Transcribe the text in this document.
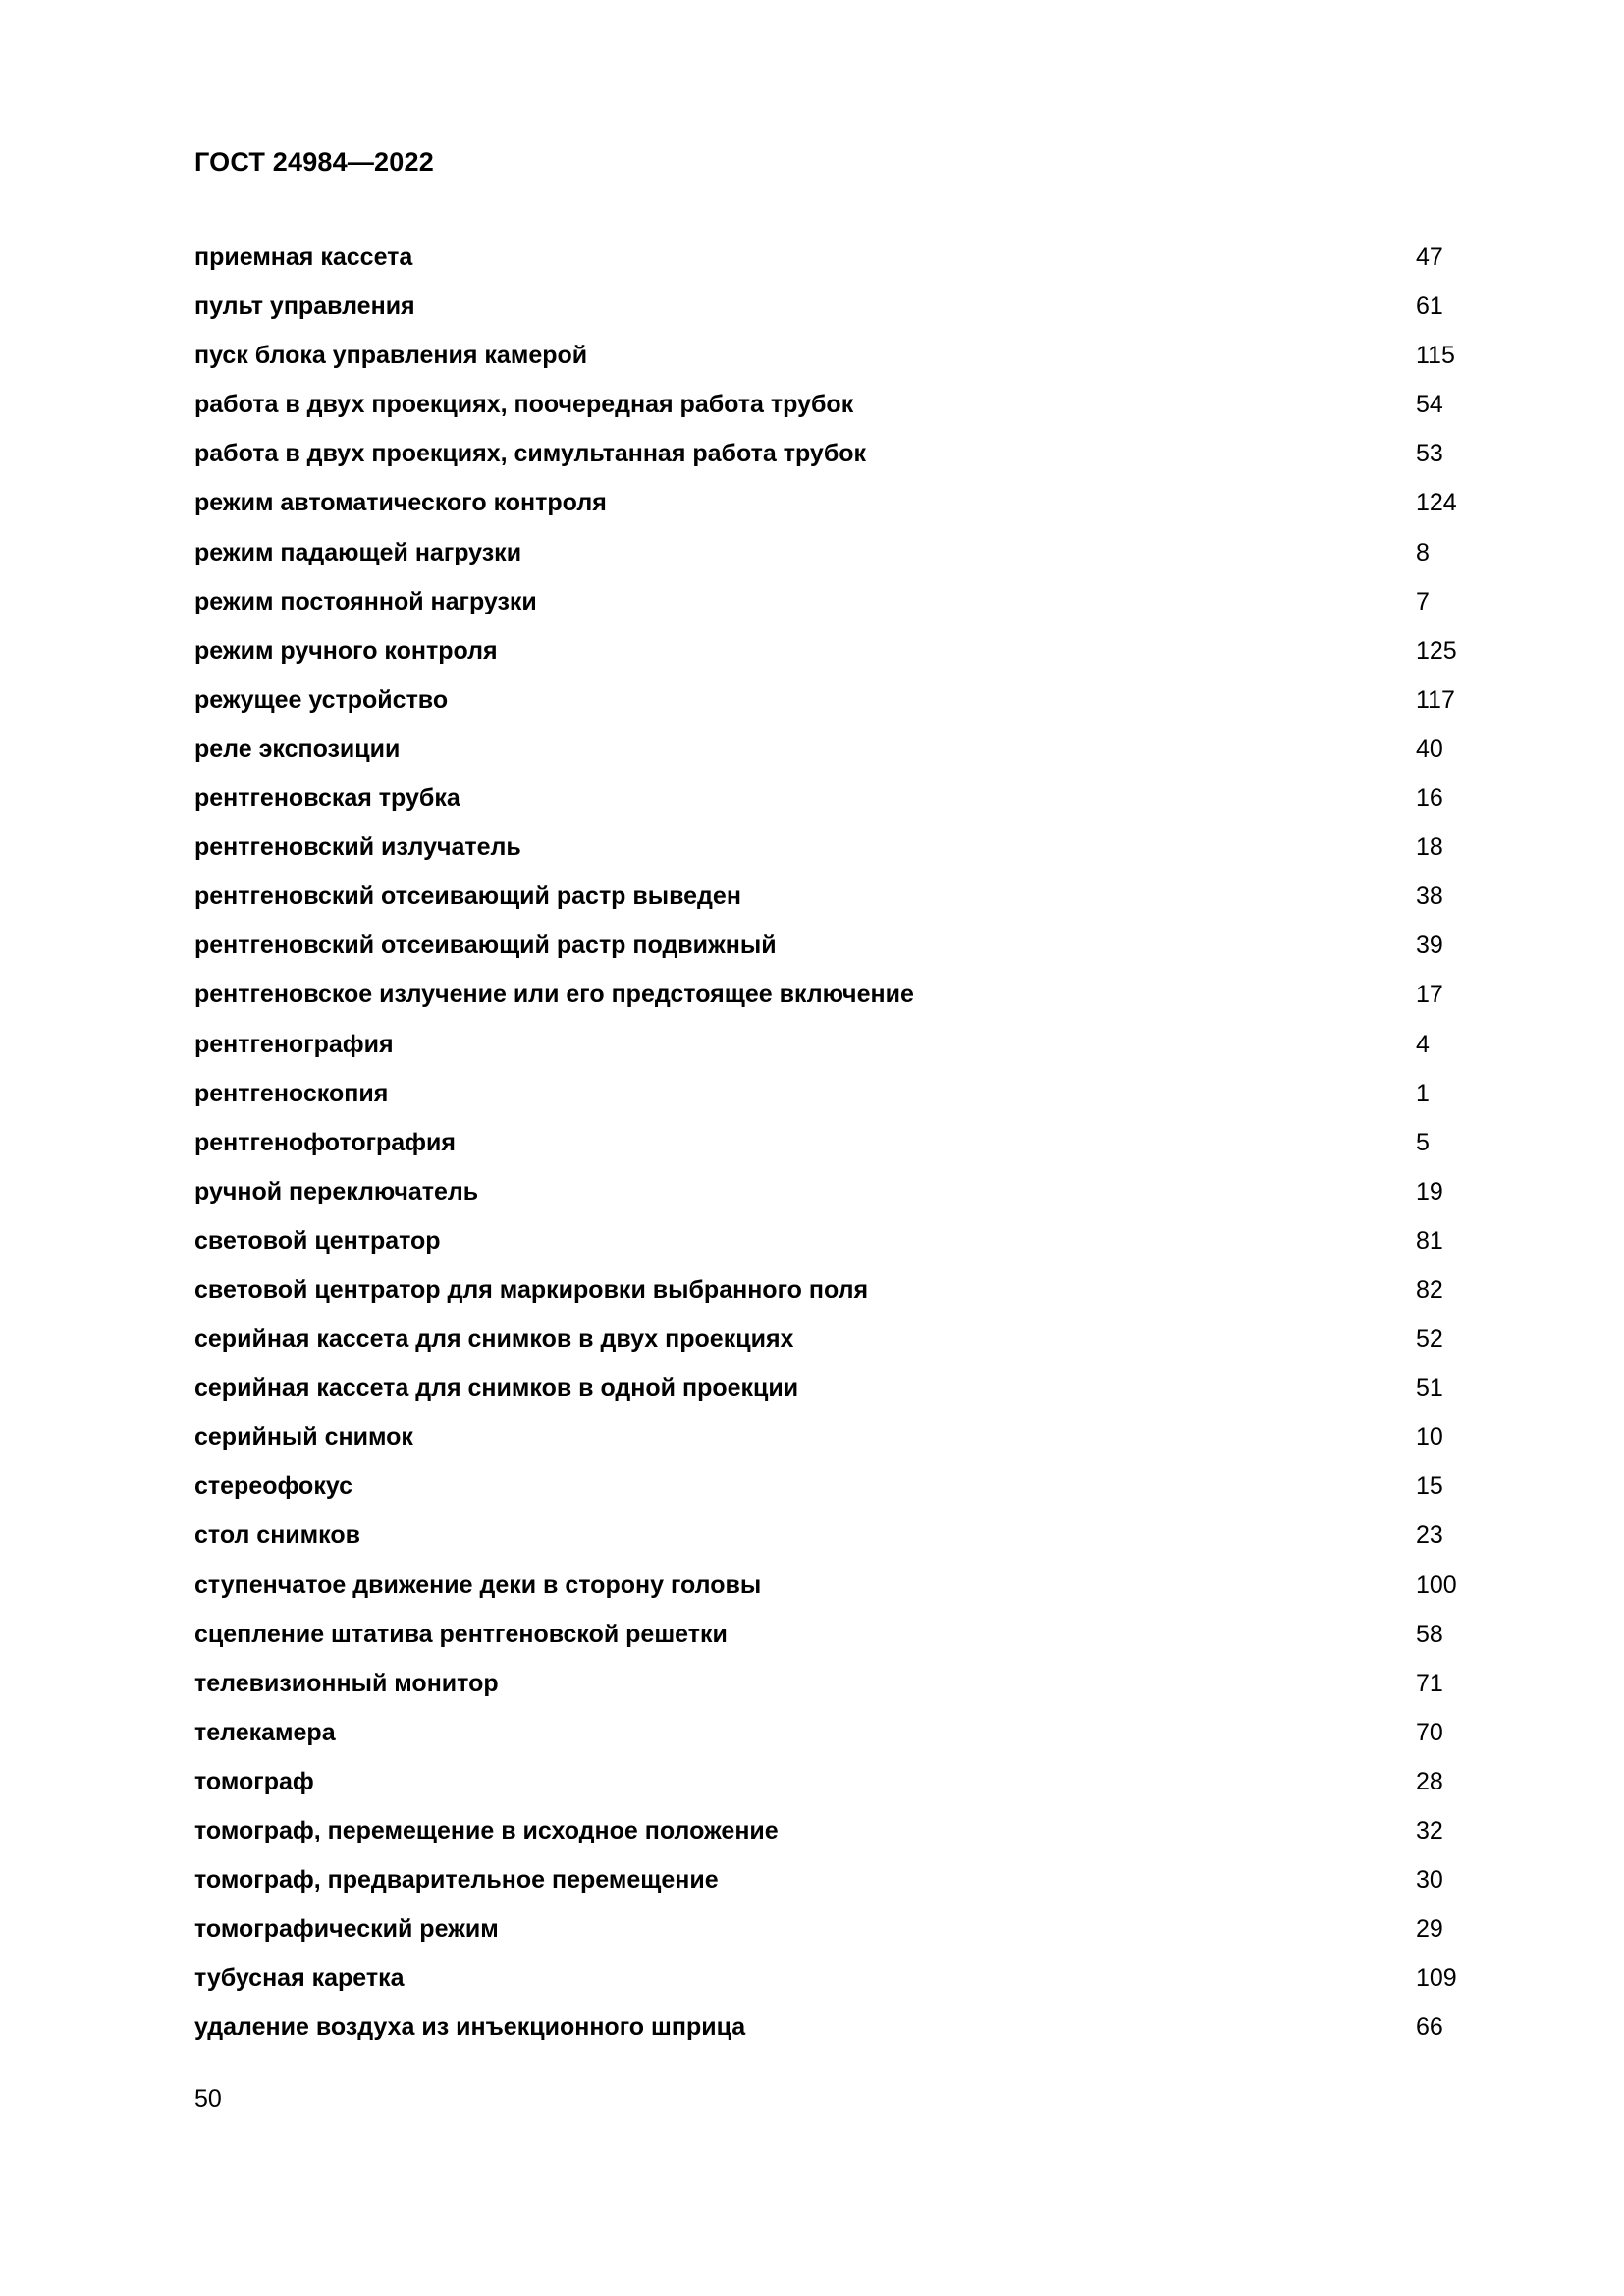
ГОСТ 24984—2022
приемная кассета	47
пульт управления	61
пуск блока управления камерой	115
работа в двух проекциях, поочередная работа трубок	54
работа в двух проекциях, симультанная работа трубок	53
режим автоматического контроля	124
режим падающей нагрузки	8
режим постоянной нагрузки	7
режим ручного контроля	125
режущее устройство	117
реле экспозиции	40
рентгеновская трубка	16
рентгеновский излучатель	18
рентгеновский отсеивающий растр выведен	38
рентгеновский отсеивающий растр подвижный	39
рентгеновское излучение или его предстоящее включение	17
рентгенография	4
рентгеноскопия	1
рентгенофотография	5
ручной переключатель	19
световой центратор	81
световой центратор для маркировки выбранного поля	82
серийная кассета для снимков в двух проекциях	52
серийная кассета для снимков в одной проекции	51
серийный снимок	10
стереофокус	15
стол снимков	23
ступенчатое движение деки в сторону головы	100
сцепление штатива рентгеновской решетки	58
телевизионный монитор	71
телекамера	70
томограф	28
томограф, перемещение в исходное положение	32
томограф, предварительное перемещение	30
томографический режим	29
тубусная каретка	109
удаление воздуха из инъекционного шприца	66
50
